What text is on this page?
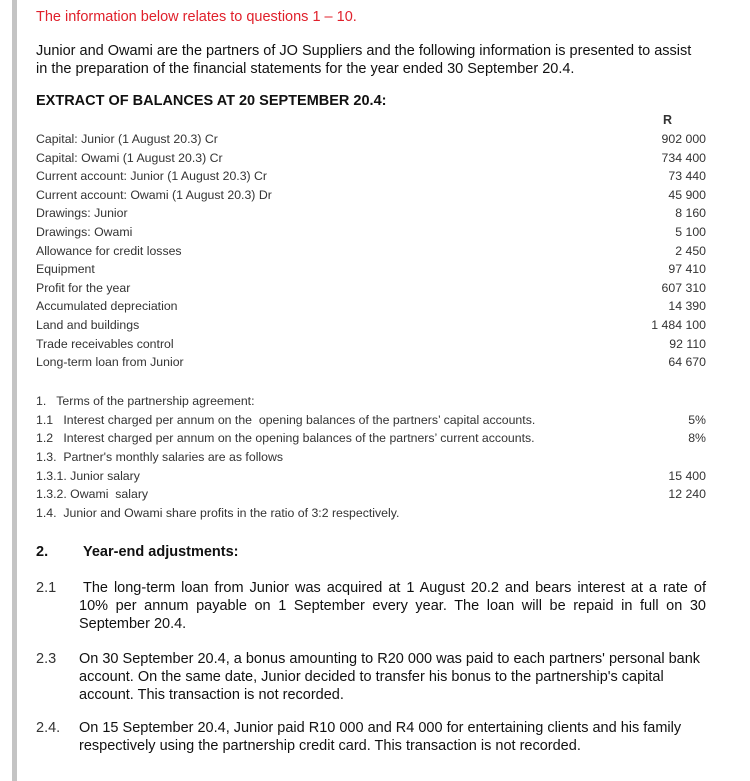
The information below relates to questions 1 – 10.
Junior and Owami are the partners of JO Suppliers and the following information is presented to assist in the preparation of the financial statements for the year ended 30 September 20.4.
EXTRACT OF BALANCES AT 20 SEPTEMBER 20.4:
R
Capital: Junior (1 August 20.3) Cr	902 000
Capital: Owami (1 August 20.3) Cr	734 400
Current account: Junior (1 August 20.3) Cr	73 440
Current account: Owami (1 August 20.3) Dr	45 900
Drawings: Junior	8 160
Drawings: Owami	5 100
Allowance for credit losses	2 450
Equipment	97 410
Profit for the year	607 310
Accumulated depreciation	14 390
Land and buildings	1 484 100
Trade receivables control	92 110
Long-term loan from Junior	64 670
1.   Terms of the partnership agreement:
1.1   Interest charged per annum on the  opening balances of the partners’ capital accounts.	5%
1.2   Interest charged per annum on the opening balances of the partners’ current accounts.	8%
1.3.  Partner's monthly salaries are as follows
1.3.1. Junior salary	15 400
1.3.2. Owami  salary	12 240
1.4.  Junior and Owami share profits in the ratio of 3:2 respectively.
2. Year-end adjustments:
2.1 The long-term loan from Junior was acquired at 1 August 20.2 and bears interest at a rate of 10% per annum payable on 1 September every year. The loan will be repaid in full on 30 September 20.4.
2.3 On 30 September 20.4, a bonus amounting to R20 000 was paid to each partners' personal bank account. On the same date, Junior decided to transfer his bonus to the partnership's capital account. This transaction is not recorded.
2.4. On 15 September 20.4, Junior paid R10 000 and R4 000 for entertaining clients and his family respectively using the partnership credit card. This transaction is not recorded.
